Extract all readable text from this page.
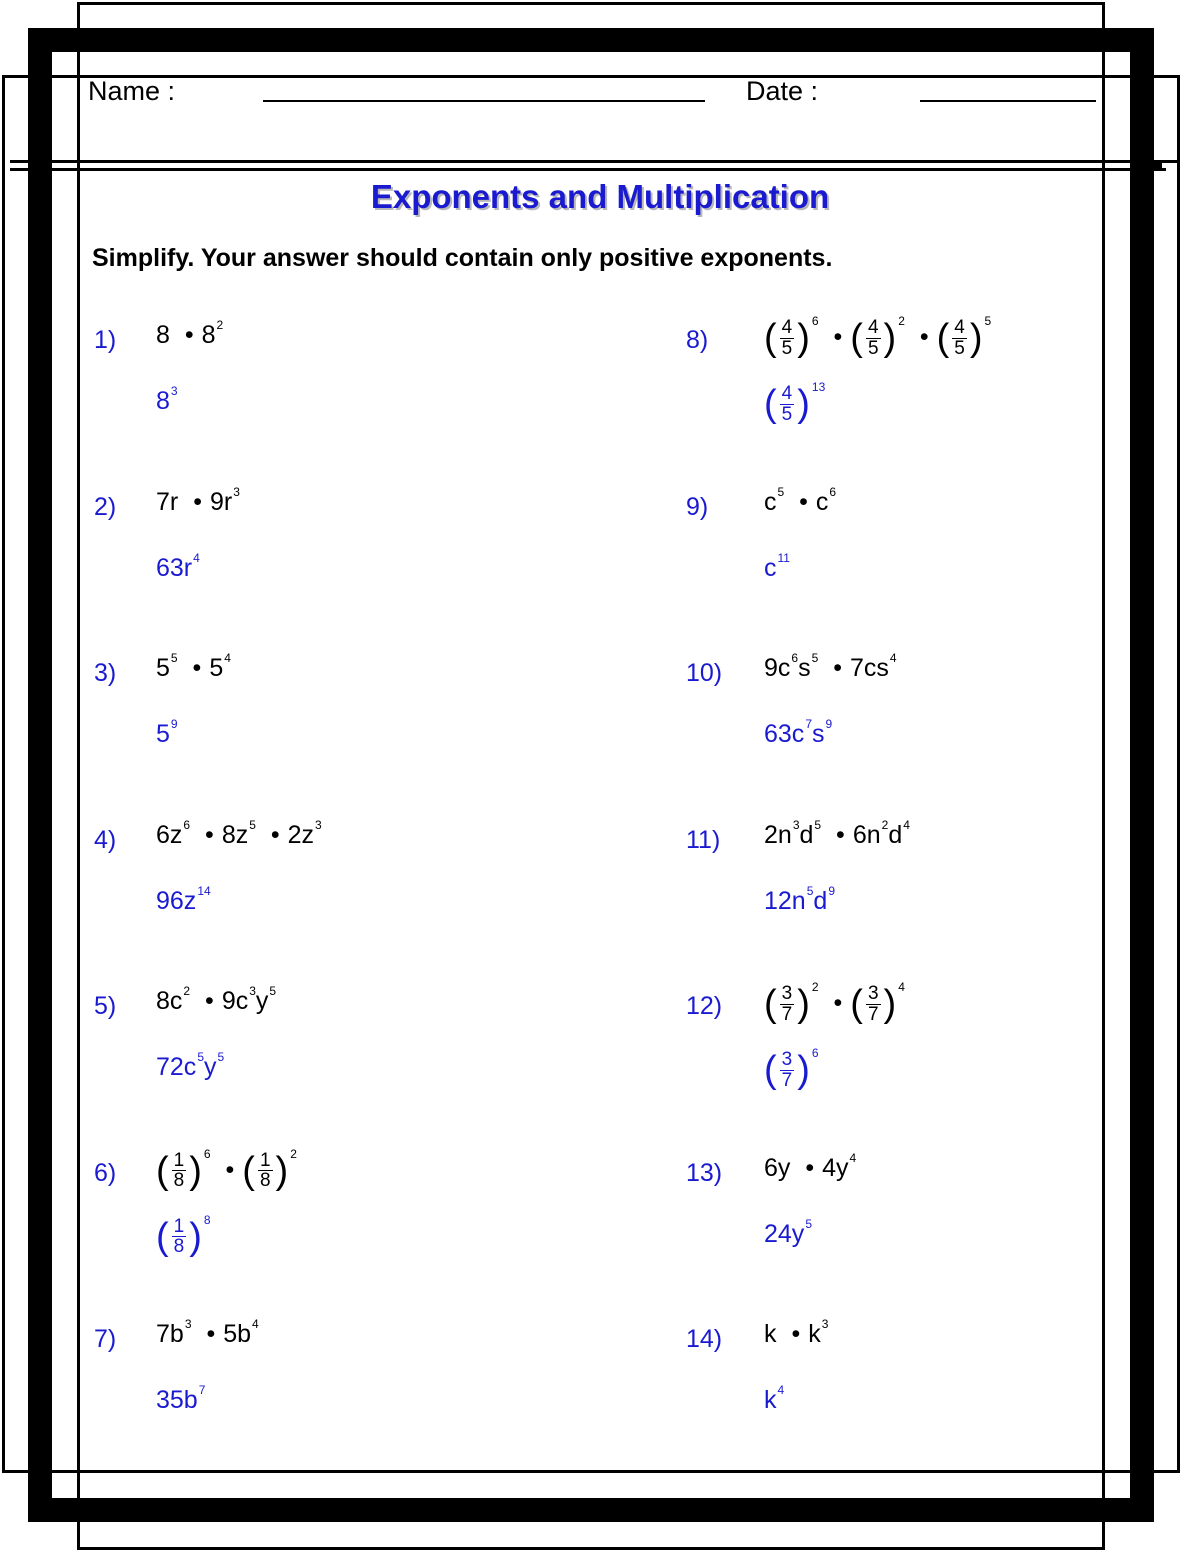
Name :	Date :
Exponents and Multiplication
Simplify. Your answer should contain only positive exponents.
1)	8 • $8^2$
$8^3$
2)	7r • $9r^3$
$63r^4$
3)	$5^5$ • $5^4$
$5^9$
4)	$6z^6$ • $8z^5$ • $2z^3$
$96z^{14}$
5)	$8c^2$ • $9c^3y^5$
$72c^5y^5$
6)	( 1
8 ) 6
• ( 1
8 ) 2
( 1
8 ) 8
7)	$7b^3$ • $5b^4$
$35b^7$
8)	( 4
5 ) 6
• ( 4
5 ) 2
• ( 4
5 ) 5
( 4
5 ) 13
9)	$c^5$ • $c^6$
$c^{11}$
10)	$9c^6s^5$ • $7cs^4$
$63c^7s^9$
11)	$2n^3d^5$ • $6n^2d^4$
$12n^5d^9$
12)	( 3
7 ) 2
• ( 3
7 ) 4
( 3
7 ) 6
13)	6y • $4y^4$
$24y^5$
14)	k • $k^3$
$k^4$
